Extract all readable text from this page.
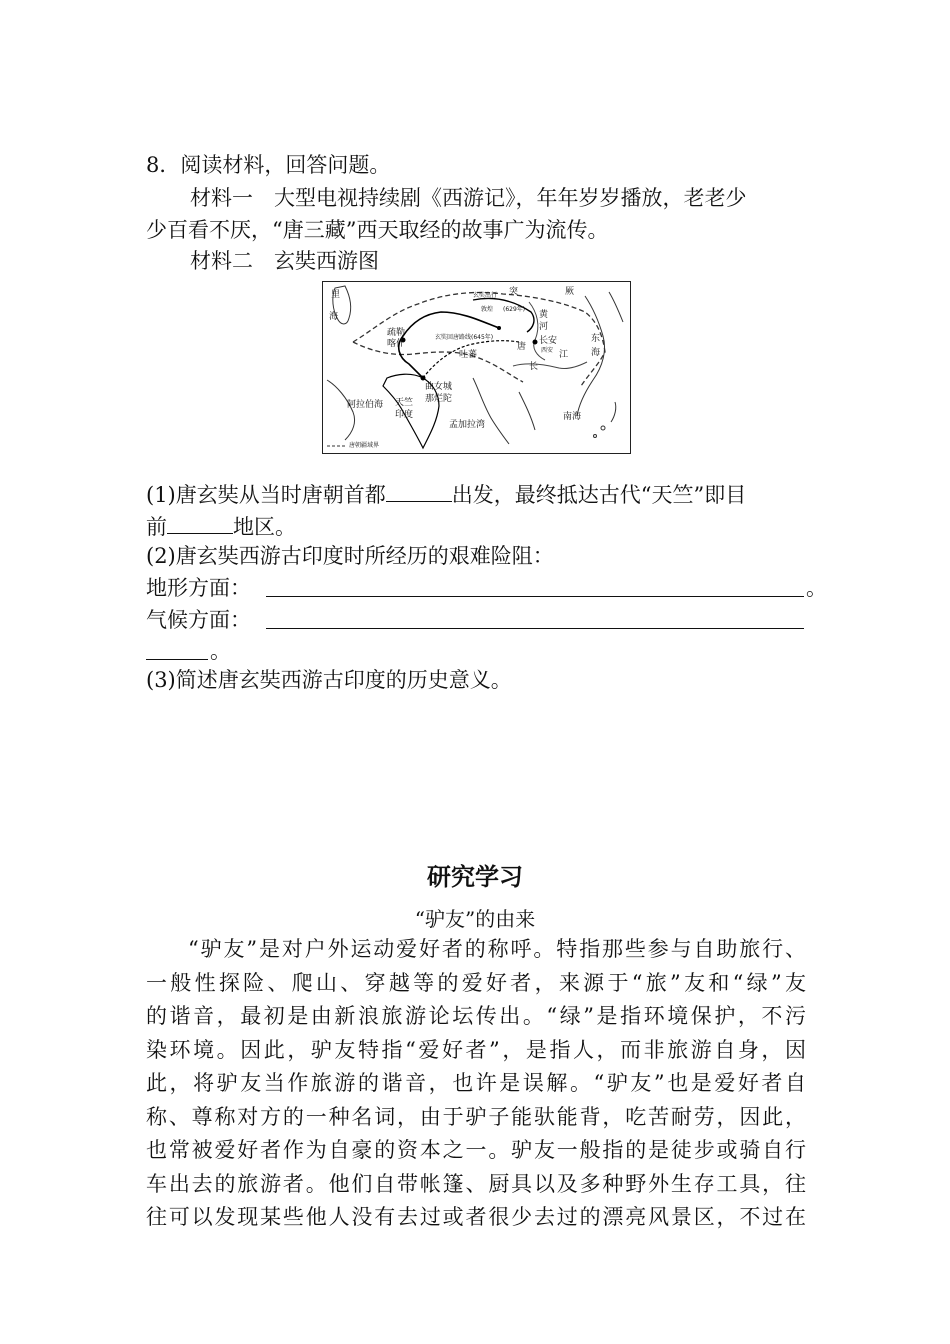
8．阅读材料，回答问题。
材料一　大型电视持续剧《西游记》，年年岁岁播放，老老少
少百看不厌，“唐三藏”西天取经的故事广为流传。
材料二　玄奘西游图
里
海
疏勒
喀什
突	厥
玄奘出行
敦煌 (629年)
玄奘回唐路线(645年)
吐蕃
黄
河
长安
西安
唐
长
江
东
海
曲女城
那烂陀
阿拉伯海 天竺
印度
孟加拉湾
南海
唐朝疆域界
(1)唐玄奘从当时唐朝首都	出发，最终抵达古代“天竺”即目
前	地区。
(2)唐玄奘西游古印度时所经历的艰难险阻：
地形方面：	。
气候方面：
。
(3)简述唐玄奘西游古印度的历史意义。
研究学习
“驴友”的由来
“驴友”是对户外运动爱好者的称呼。特指那些参与自助旅行、
一般性探险、爬山、穿越等的爱好者，来源于“旅”友和“绿”友
的谐音，最初是由新浪旅游论坛传出。“绿”是指环境保护，不污
染环境。因此，驴友特指“爱好者”，是指人，而非旅游自身，因
此，将驴友当作旅游的谐音，也许是误解。“驴友”也是爱好者自
称、尊称对方的一种名词，由于驴子能驮能背，吃苦耐劳，因此，
也常被爱好者作为自豪的资本之一。驴友一般指的是徒步或骑自行
车出去的旅游者。他们自带帐篷、厨具以及多种野外生存工具，往
往可以发现某些他人没有去过或者很少去过的漂亮风景区，不过在
